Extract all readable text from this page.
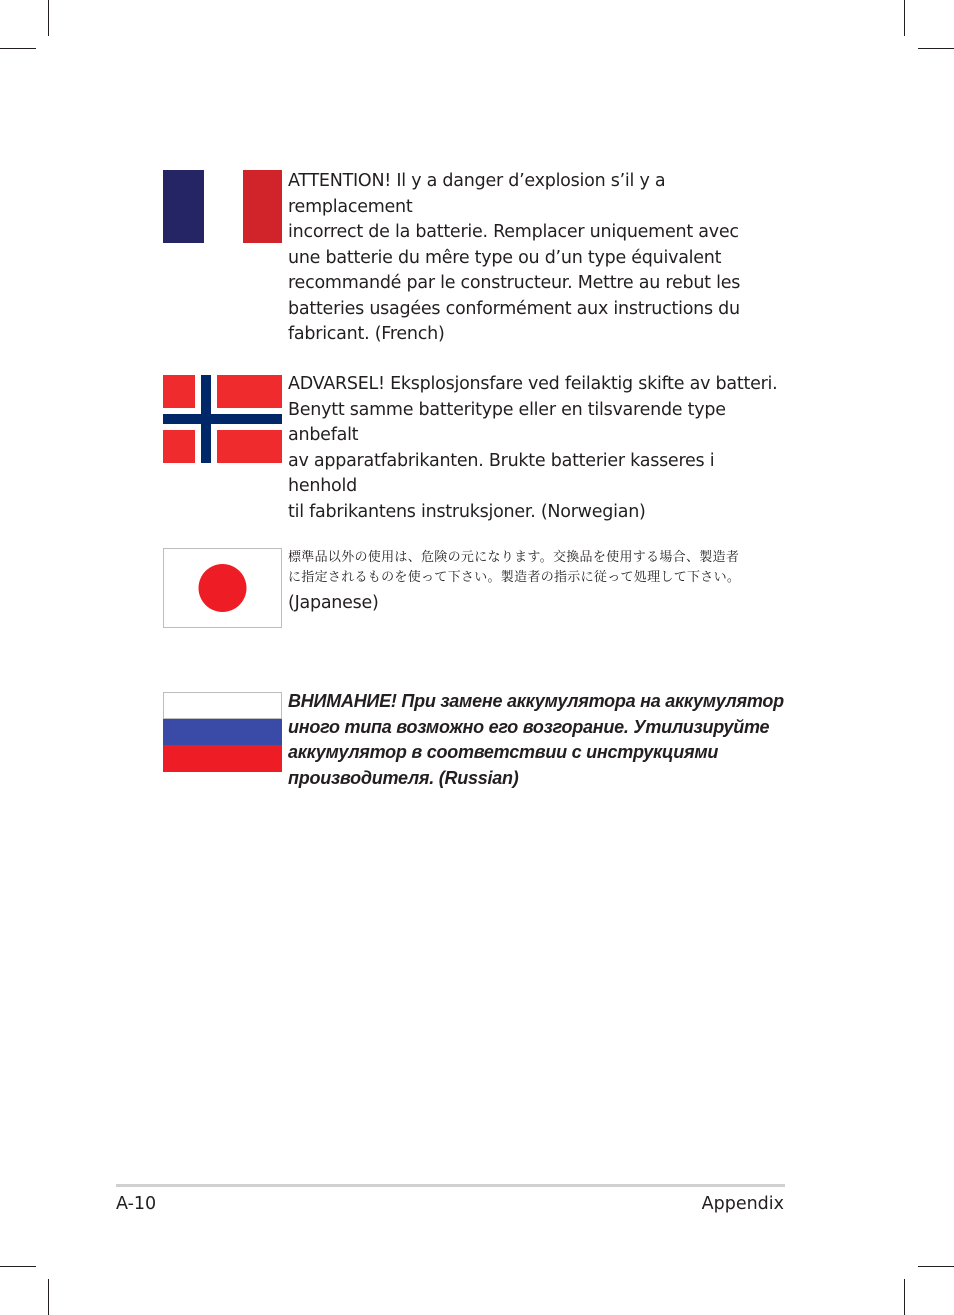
ATTENTION! Il y a danger d’explosion s’il y a remplacement
incorrect de la batterie. Remplacer uniquement avec
une batterie du mêre type ou d’un type équivalent
recommandé par le constructeur. Mettre au rebut les
batteries usagées conformément aux instructions du
fabricant. (French)
ADVARSEL! Eksplosjonsfare ved feilaktig skifte av batteri.
Benytt samme batteritype eller en tilsvarende type anbefalt
av apparatfabrikanten. Brukte batterier kasseres i henhold
til fabrikantens instruksjoner. (Norwegian)
標準品以外の使用は、危険の元になります。交換品を使用する場合、製造者
に指定されるものを使って下さい。製造者の指示に従って処理して下さい。
(Japanese)
ВНИМАНИЕ! При замене аккумулятора на аккумулятор
иного типа возможно его возгорание. Утилизируйте
аккумулятор в соответствии с инструкциями
производителя. (Russian)
A-10	Appendix
